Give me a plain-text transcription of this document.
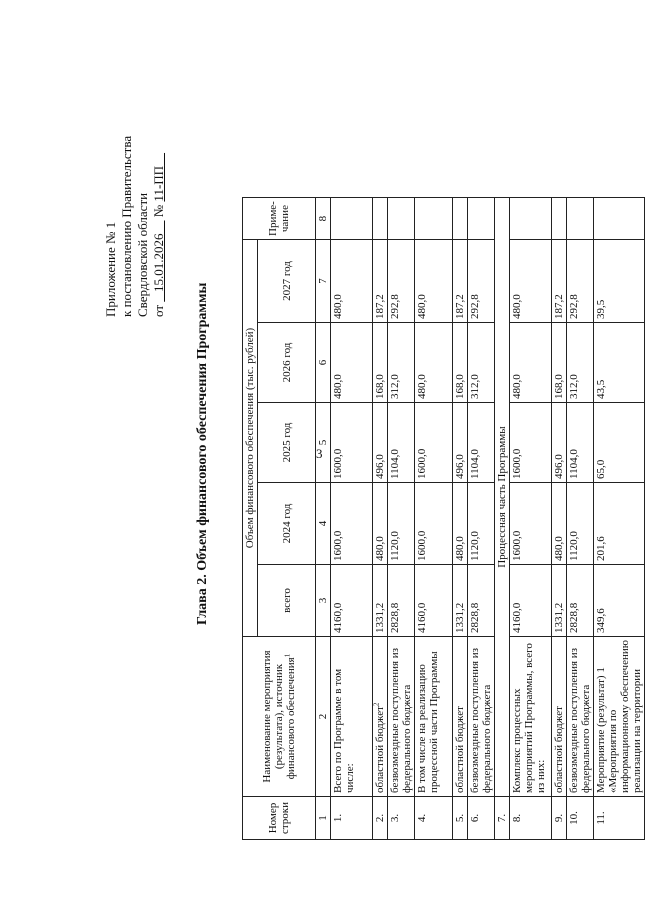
3
Приложение № 1 к постановлению Правительства Свердловской области от    15.01.2026     № 11-ПП
Глава 2. Объем финансового обеспечения Программы
Номер строки	Наименование мероприятия (результата), источник финансового обеспечения$^1$	Объем финансового обеспечения (тыс. рублей)					Приме- чание
		всего	2024 год	2025 год	2026 год	2027 год	
1	2	3	4	5	6	7	8
1.	Всего по Программе в том числе:	4160,0	1600,0	1600,0	480,0	480,0	
2.	областной бюджет$^2$	1331,2	480,0	496,0	168,0	187,2	
3.	безвозмездные поступления из федерального бюджета	2828,8	1120,0	1104,0	312,0	292,8	
4.	В том числе на реализацию процессной части Программы	4160,0	1600,0	1600,0	480,0	480,0	
5.	областной бюджет	1331,2	480,0	496,0	168,0	187,2	
6.	безвозмездные поступления из федерального бюджета	2828,8	1120,0	1104,0	312,0	292,8	
7.	Процессная часть Программы						
8.	Комплекс процессных мероприятий Программы, всего из них:	4160,0	1600,0	1600,0	480,0	480,0	
9.	областной бюджет	1331,2	480,0	496,0	168,0	187,2	
10.	безвозмездные поступления из федерального бюджета	2828,8	1120,0	1104,0	312,0	292,8	
11.	Мероприятие (результат) 1 «Мероприятия по информационному обеспечению реализации на территории	349,6	201,6	65,0	43,5	39,5	
